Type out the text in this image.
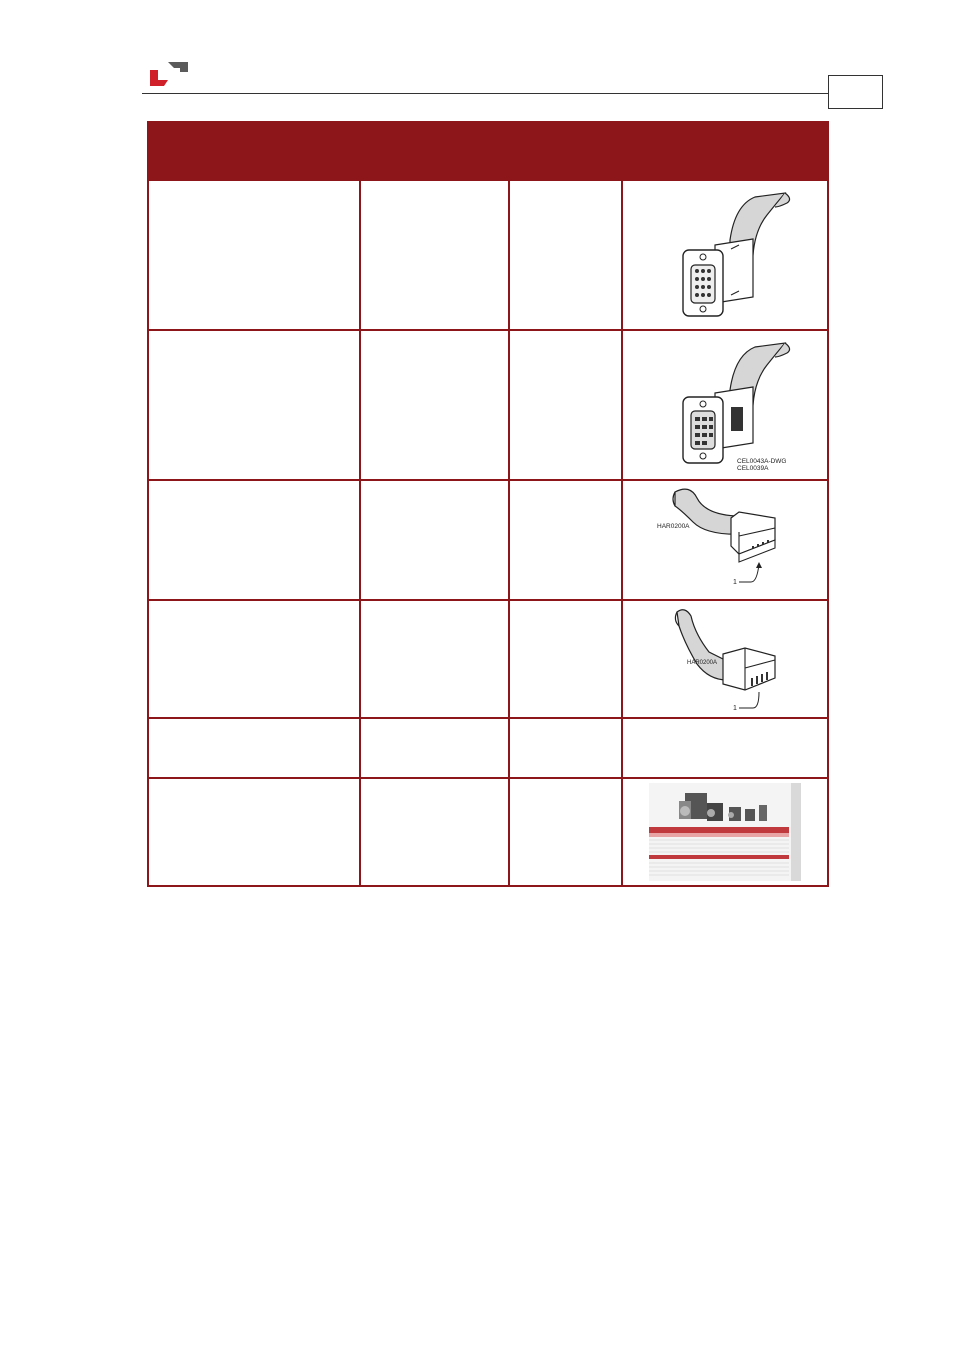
CEL0043A-DWG
CEL0039A

HAR0200A
1

HAR0200A
1
